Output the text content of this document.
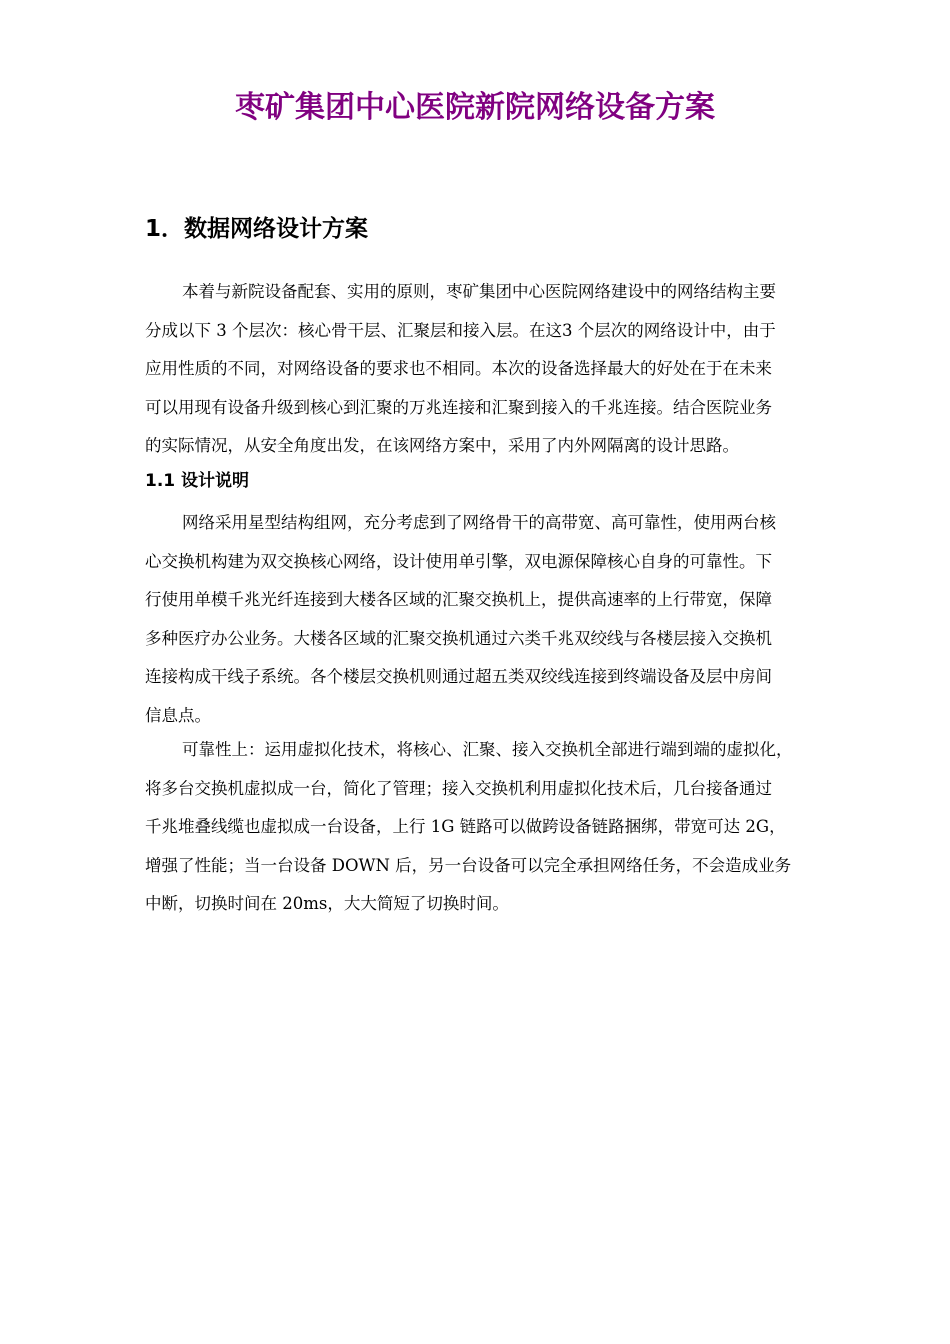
枣矿集团中心医院新院网络设备方案
1．数据网络设计方案
本着与新院设备配套、实用的原则，枣矿集团中心医院网络建设中的网络结构主要
分成以下 3 个层次：核心骨干层、汇聚层和接入层。在这3 个层次的网络设计中，由于
应用性质的不同，对网络设备的要求也不相同。本次的设备选择最大的好处在于在未来
可以用现有设备升级到核心到汇聚的万兆连接和汇聚到接入的千兆连接。结合医院业务
的实际情况，从安全角度出发，在该网络方案中，采用了内外网隔离的设计思路。
1.1 设计说明
网络采用星型结构组网，充分考虑到了网络骨干的高带宽、高可靠性，使用两台核
心交换机构建为双交换核心网络，设计使用单引擎，双电源保障核心自身的可靠性。下
行使用单模千兆光纤连接到大楼各区域的汇聚交换机上，提供高速率的上行带宽，保障
多种医疗办公业务。大楼各区域的汇聚交换机通过六类千兆双绞线与各楼层接入交换机
连接构成干线子系统。各个楼层交换机则通过超五类双绞线连接到终端设备及层中房间
信息点。
可靠性上：运用虚拟化技术，将核心、汇聚、接入交换机全部进行端到端的虚拟化，
将多台交换机虚拟成一台，简化了管理；接入交换机利用虚拟化技术后，几台接备通过
千兆堆叠线缆也虚拟成一台设备，上行 1G 链路可以做跨设备链路捆绑，带宽可达 2G，
增强了性能；当一台设备 DOWN 后，另一台设备可以完全承担网络任务，不会造成业务
中断，切换时间在 20ms，大大简短了切换时间。
